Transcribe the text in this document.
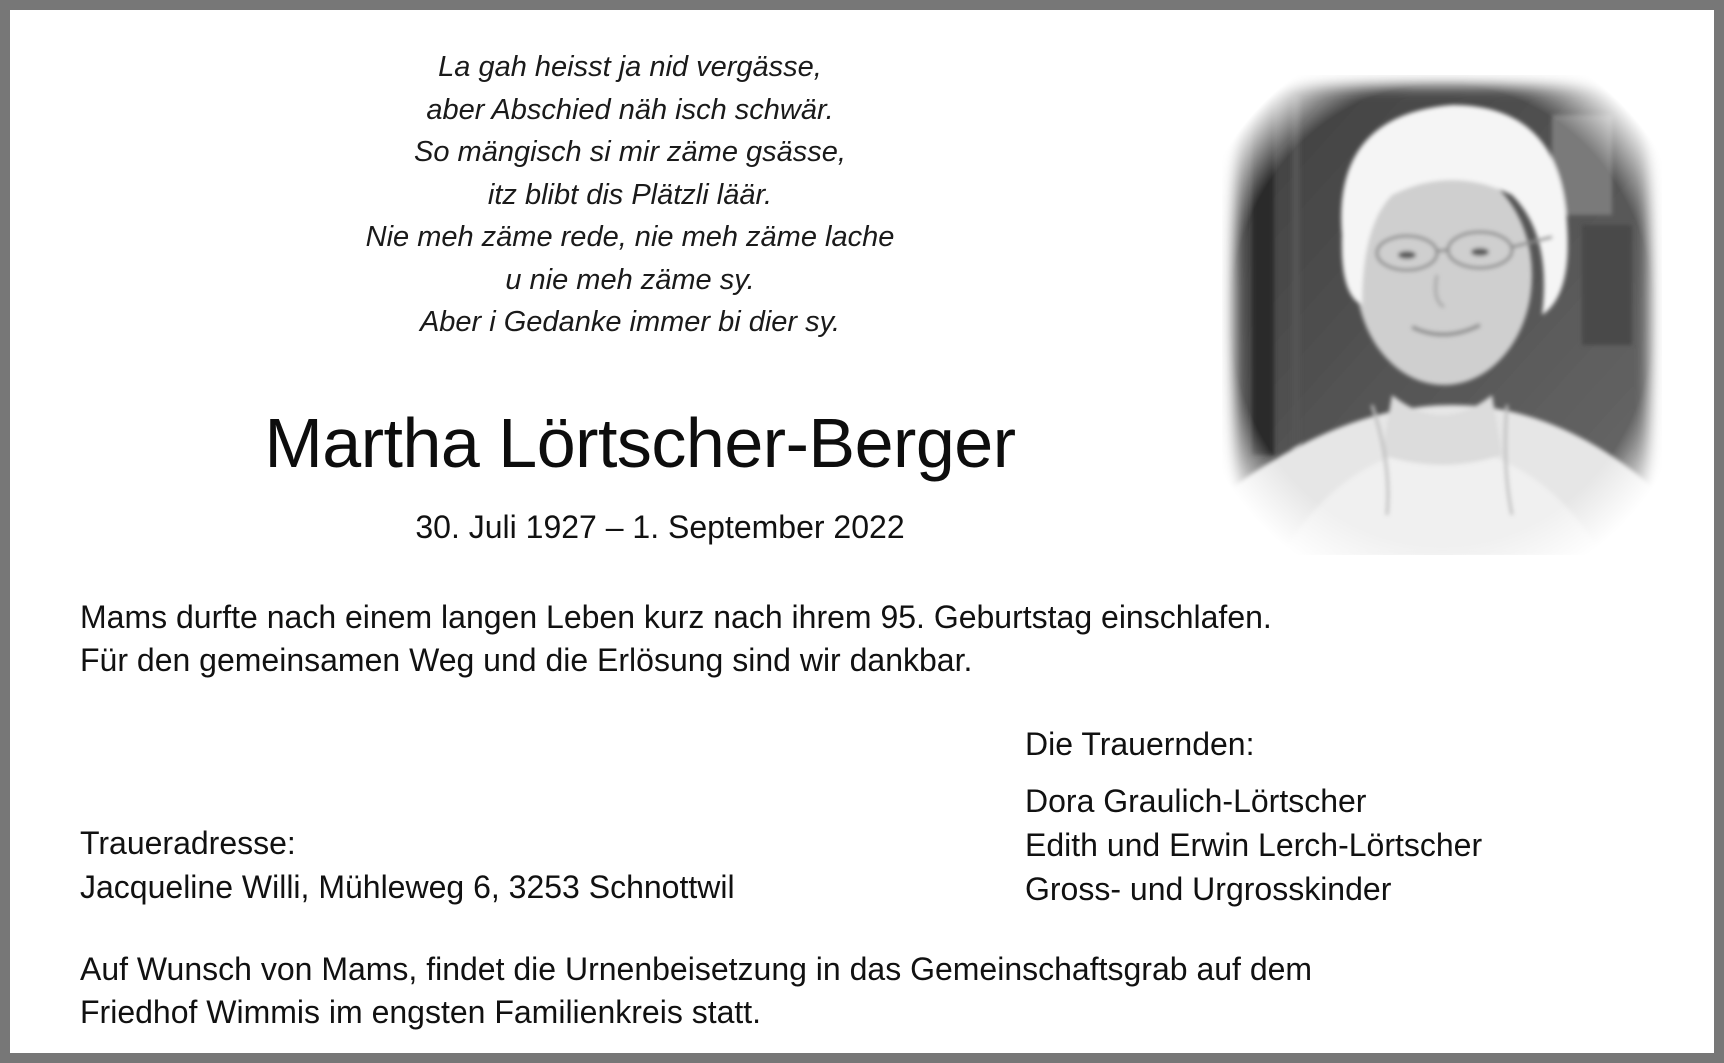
La gah heisst ja nid vergässe,
aber Abschied näh isch schwär.
So mängisch si mir zäme gsässe,
itz blibt dis Plätzli läär.
Nie meh zäme rede, nie meh zäme lache
u nie meh zäme sy.
Aber i Gedanke immer bi dier sy.
Martha Lörtscher-Berger
30. Juli 1927 – 1. September 2022
Mams durfte nach einem langen Leben kurz nach ihrem 95. Geburtstag einschlafen.
Für den gemeinsamen Weg und die Erlösung sind wir dankbar.
Die Trauernden:
Dora Graulich-Lörtscher
Edith und Erwin Lerch-Lörtscher
Gross- und Urgrosskinder
Traueradresse:
Jacqueline Willi, Mühleweg 6, 3253 Schnottwil
Auf Wunsch von Mams, findet die Urnenbeisetzung in das Gemeinschaftsgrab auf dem
Friedhof Wimmis im engsten Familienkreis statt.
